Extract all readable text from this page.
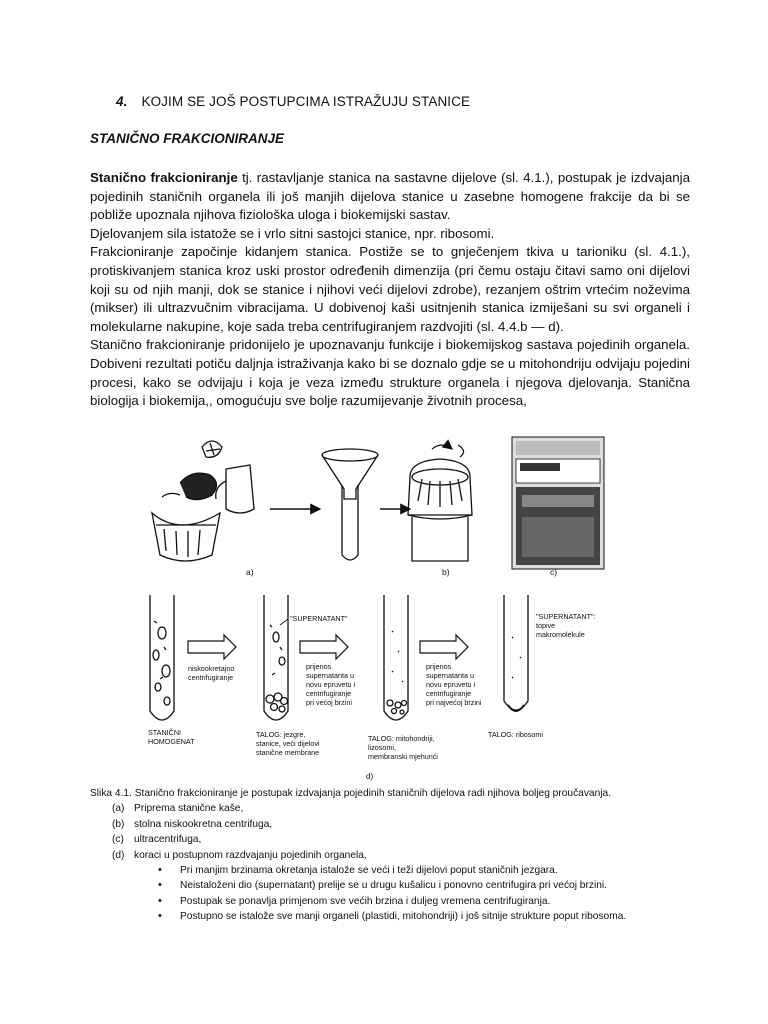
4. KOJIM SE JOŠ POSTUPCIMA ISTRAŽUJU STANICE
STANIČNO FRAKCIONIRANJE

Stanično frakcioniranje tj. rastavljanje stanica na sastavne dijelove (sl. 4.1.), postupak je izdvajanja pojedinih staničnih organela ili još manjih dijelova stanice u zasebne homogene frakcije da bi se pobliže upoznala njihova fiziološka uloga i biokemijski sastav.

Djelovanjem sila istatože se i vrlo sitni sastojci stanice, npr. ribosomi.

Frakcioniranje započinje kidanjem stanica. Postiže se to gnječenjem tkiva u tarioniku (sl. 4.1.), protiskivanjem stanica kroz uski prostor određenih dimenzija (pri čemu ostaju čitavi samo oni dijelovi koji su od njih manji, dok se stanice i njihovi veći dijelovi zdrobe), rezanjem oštrim vrtećim noževima (mikser) ili ultrazvučnim vibracijama. U dobivenoj kaši usitnjenih stanica izmiješani su svi organeli i molekularne nakupine, koje sada treba centrifugiranjem razdvojiti (sl. 4.4.b — d).

Stanično frakcioniranje pridonijelo je upoznavanju funkcije i biokemijskog sastava pojedinih organela. Dobiveni rezultati potiču daljnja istraživanja kako bi se doznalo gdje se u mitohondriju odvijaju pojedini procesi, kako se odvijaju i koja je veza između strukture organela i njegova djelovanja. Stanična biologija i biokemija,, omogućuju sve bolje razumijevanje životnih procesa,

a)	b)	c)
niskookretajno
centrifugiranje
"SUPERNATANT"
prijenos
supernatanta u
novu epruvetu i
centrifugiranje
pri većoj brzini
prijenos
supernatanta u
novu epruvetu i
centrifugiranje
pri najvećoj brzini
"SUPERNATANT":
topive
makromolekule
STANIČNI
HOMOGENAT
TALOG: jezgre,
stanice, veći dijelovi
stanične membrane
TALOG: mitohondriji,
lizosomi,
membranski mjehurići
TALOG: ribosomi
d)
Slika 4.1. Stanično frakcioniranje je postupak izdvajanja pojedinih staničnih dijelova radi njihova boljeg proučavanja.
(a) Priprema stanične kaše,
(b) stolna niskookretna centrifuga,
(c) ultracentrifuga,
(d) koraci u postupnom razdvajanju pojedinih organela,
• Pri manjim brzinama okretanja istalože se veći i teži dijelovi poput staničnih jezgara.
• Neistaloženi dio (supernatant) prelije se u drugu kušalicu i ponovno centrifugira pri većoj brzini.
• Postupak se ponavlja primjenom sve većih brzina i duljeg vremena centrifugiranja.
• Postupno se istalože sve manji organeli (plastidi, mitohondriji) i još sitnije strukture poput ribosoma.
